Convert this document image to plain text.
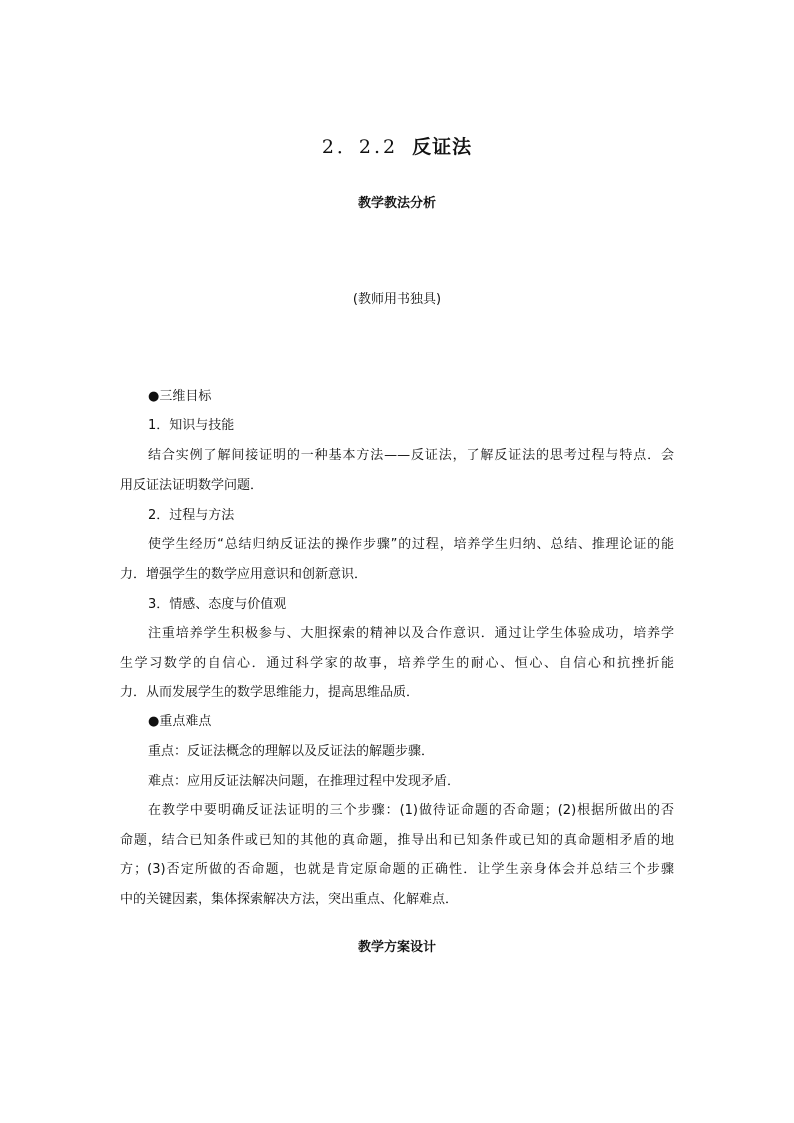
2．2.2 反证法
教学教法分析
(教师用书独具)
●三维目标
1．知识与技能
结合实例了解间接证明的一种基本方法——反证法，了解反证法的思考过程与特点．会
用反证法证明数学问题．
2．过程与方法
使学生经历“总结归纳反证法的操作步骤”的过程，培养学生归纳、总结、推理论证的能
力．增强学生的数学应用意识和创新意识．
3．情感、态度与价值观
注重培养学生积极参与、大胆探索的精神以及合作意识．通过让学生体验成功，培养学
生学习数学的自信心．通过科学家的故事，培养学生的耐心、恒心、自信心和抗挫折能
力．从而发展学生的数学思维能力，提高思维品质．
●重点难点
重点：反证法概念的理解以及反证法的解题步骤．
难点：应用反证法解决问题，在推理过程中发现矛盾．
在教学中要明确反证法证明的三个步骤：(1)做待证命题的否命题；(2)根据所做出的否
命题，结合已知条件或已知的其他的真命题，推导出和已知条件或已知的真命题相矛盾的地
方；(3)否定所做的否命题，也就是肯定原命题的正确性．让学生亲身体会并总结三个步骤
中的关键因素，集体探索解决方法，突出重点、化解难点．
教学方案设计
